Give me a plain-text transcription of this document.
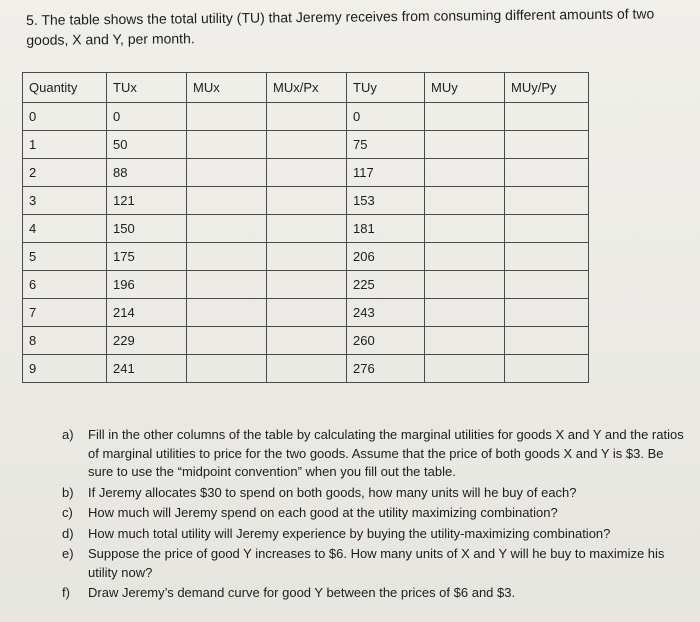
5. The table shows the total utility (TU) that Jeremy receives from consuming different amounts of two
goods, X and Y, per month.
Quantity	TUx	MUx	MUx/Px	TUy	MUy	MUy/Py
0	0			0		
1	50			75		
2	88			117		
3	121			153		
4	150			181		
5	175			206		
6	196			225		
7	214			243		
8	229			260		
9	241			276		
a)	Fill in the other columns of the table by calculating the marginal utilities for goods X and Y and the ratios of marginal utilities to price for the two goods. Assume that the price of both goods X and Y is $3. Be sure to use the “midpoint convention” when you fill out the table.
b)	If Jeremy allocates $30 to spend on both goods, how many units will he buy of each?
c)	How much will Jeremy spend on each good at the utility maximizing combination?
d)	How much total utility will Jeremy experience by buying the utility-maximizing combination?
e)	Suppose the price of good Y increases to $6. How many units of X and Y will he buy to maximize his utility now?
f)	Draw Jeremy’s demand curve for good Y between the prices of $6 and $3.
